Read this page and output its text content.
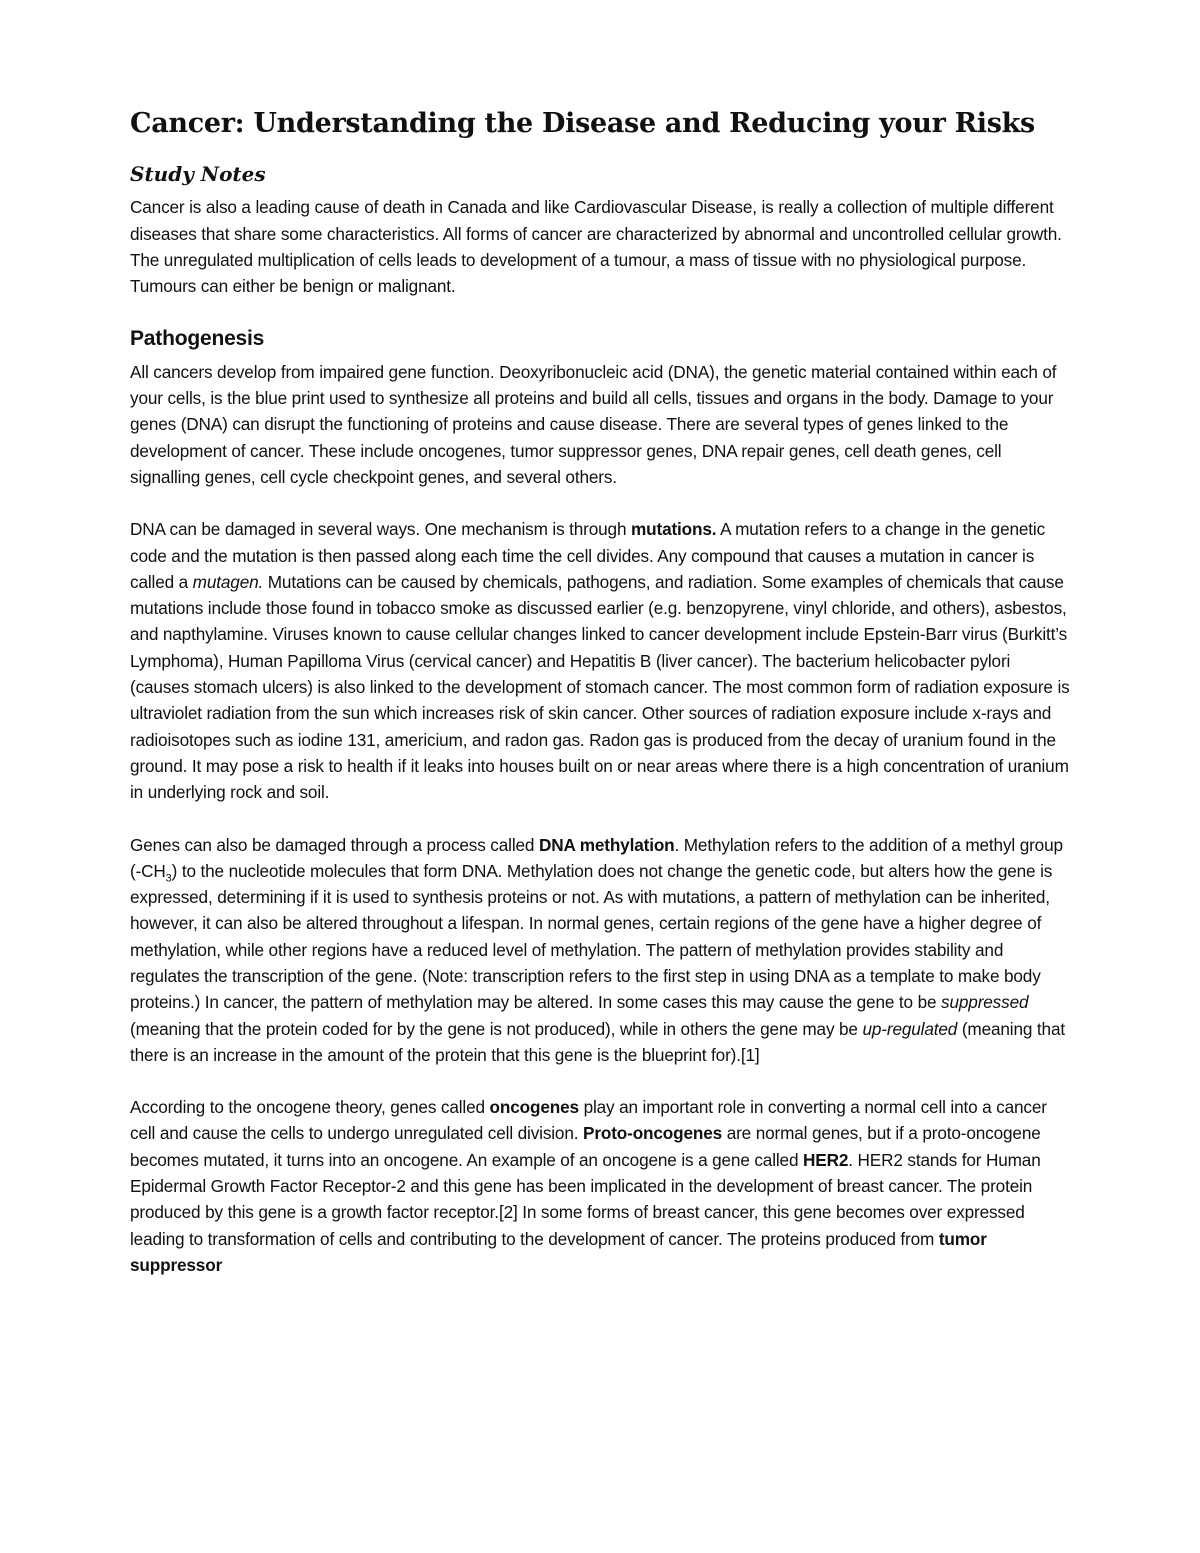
Cancer: Understanding the Disease and Reducing your Risks
Study Notes

Cancer is also a leading cause of death in Canada and like Cardiovascular Disease, is really a collection of multiple different diseases that share some characteristics. All forms of cancer are characterized by abnormal and uncontrolled cellular growth. The unregulated multiplication of cells leads to development of a tumour, a mass of tissue with no physiological purpose. Tumours can either be benign or malignant.

Pathogenesis

All cancers develop from impaired gene function. Deoxyribonucleic acid (DNA), the genetic material contained within each of your cells, is the blue print used to synthesize all proteins and build all cells, tissues and organs in the body. Damage to your genes (DNA) can disrupt the functioning of proteins and cause disease. There are several types of genes linked to the development of cancer. These include oncogenes, tumor suppressor genes, DNA repair genes, cell death genes, cell signalling genes, cell cycle checkpoint genes, and several others.

DNA can be damaged in several ways. One mechanism is through mutations. A mutation refers to a change in the genetic code and the mutation is then passed along each time the cell divides. Any compound that causes a mutation in cancer is called a mutagen. Mutations can be caused by chemicals, pathogens, and radiation. Some examples of chemicals that cause mutations include those found in tobacco smoke as discussed earlier (e.g. benzopyrene, vinyl chloride, and others), asbestos, and napthylamine. Viruses known to cause cellular changes linked to cancer development include Epstein-Barr virus (Burkitt’s Lymphoma), Human Papilloma Virus (cervical cancer) and Hepatitis B (liver cancer). The bacterium helicobacter pylori (causes stomach ulcers) is also linked to the development of stomach cancer. The most common form of radiation exposure is ultraviolet radiation from the sun which increases risk of skin cancer. Other sources of radiation exposure include x-rays and radioisotopes such as iodine 131, americium, and radon gas. Radon gas is produced from the decay of uranium found in the ground. It may pose a risk to health if it leaks into houses built on or near areas where there is a high concentration of uranium in underlying rock and soil.

Genes can also be damaged through a process called DNA methylation. Methylation refers to the addition of a methyl group $(-CH_3)$ to the nucleotide molecules that form DNA. Methylation does not change the genetic code, but alters how the gene is expressed, determining if it is used to synthesis proteins or not. As with mutations, a pattern of methylation can be inherited, however, it can also be altered throughout a lifespan. In normal genes, certain regions of the gene have a higher degree of methylation, while other regions have a reduced level of methylation. The pattern of methylation provides stability and regulates the transcription of the gene. (Note: transcription refers to the first step in using DNA as a template to make body proteins.) In cancer, the pattern of methylation may be altered. In some cases this may cause the gene to be suppressed (meaning that the protein coded for by the gene is not produced), while in others the gene may be up-regulated (meaning that there is an increase in the amount of the protein that this gene is the blueprint for).[1]

According to the oncogene theory, genes called oncogenes play an important role in converting a normal cell into a cancer cell and cause the cells to undergo unregulated cell division. Proto-oncogenes are normal genes, but if a proto-oncogene becomes mutated, it turns into an oncogene. An example of an oncogene is a gene called HER2. HER2 stands for Human Epidermal Growth Factor Receptor-2 and this gene has been implicated in the development of breast cancer. The protein produced by this gene is a growth factor receptor.[2] In some forms of breast cancer, this gene becomes over expressed leading to transformation of cells and contributing to the development of cancer. The proteins produced from tumor suppressor
